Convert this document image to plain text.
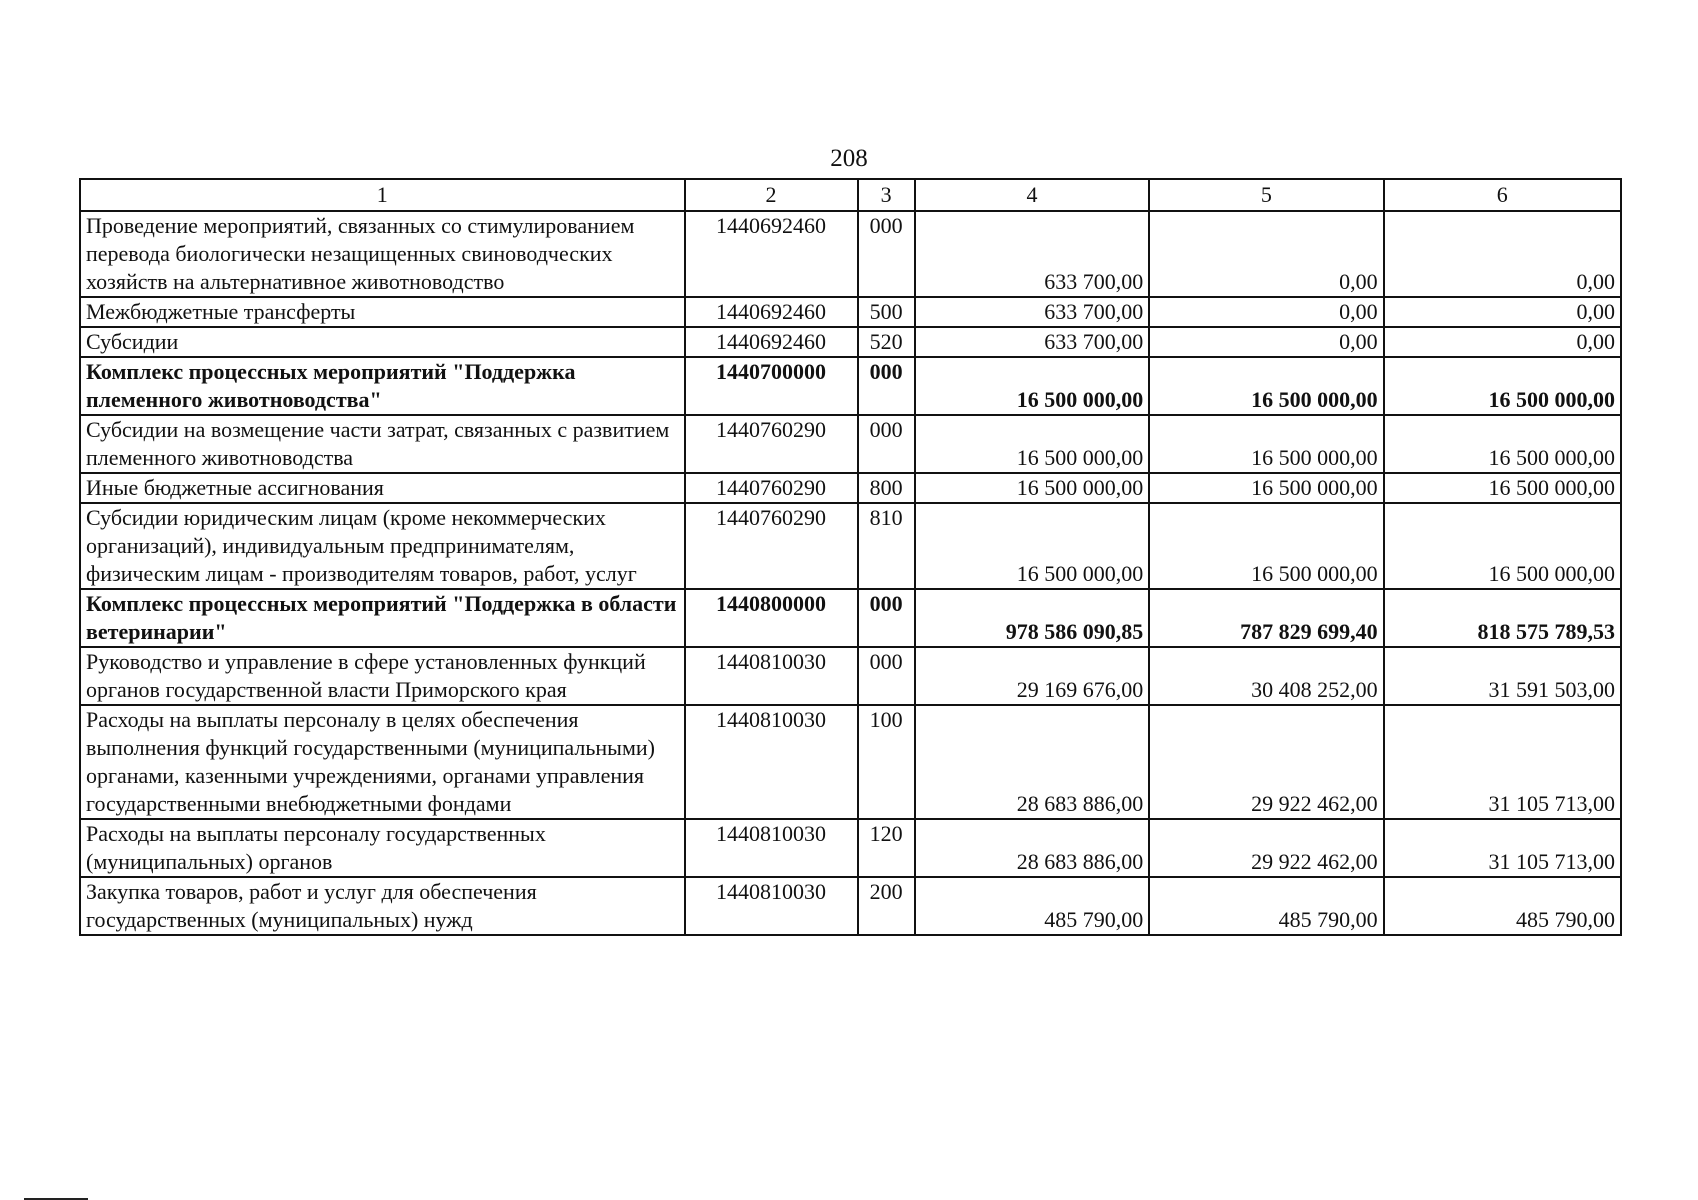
208
1	2	3	4	5	6
Проведение мероприятий, связанных со стимулированием перевода биологически незащищенных свиноводческих хозяйств на альтернативное животноводство	1440692460	000	633 700,00	0,00	0,00
Межбюджетные трансферты	1440692460	500	633 700,00	0,00	0,00
Субсидии	1440692460	520	633 700,00	0,00	0,00
Комплекс процессных мероприятий "Поддержка племенного животноводства"	1440700000	000	16 500 000,00	16 500 000,00	16 500 000,00
Субсидии на возмещение части затрат, связанных с развитием племенного животноводства	1440760290	000	16 500 000,00	16 500 000,00	16 500 000,00
Иные бюджетные ассигнования	1440760290	800	16 500 000,00	16 500 000,00	16 500 000,00
Субсидии юридическим лицам (кроме некоммерческих организаций), индивидуальным предпринимателям, физическим лицам - производителям товаров, работ, услуг	1440760290	810	16 500 000,00	16 500 000,00	16 500 000,00
Комплекс процессных мероприятий "Поддержка в области ветеринарии"	1440800000	000	978 586 090,85	787 829 699,40	818 575 789,53
Руководство и управление в сфере установленных функций органов государственной власти Приморского края	1440810030	000	29 169 676,00	30 408 252,00	31 591 503,00
Расходы на выплаты персоналу в целях обеспечения выполнения функций государственными (муниципальными) органами, казенными учреждениями, органами управления государственными внебюджетными фондами	1440810030	100	28 683 886,00	29 922 462,00	31 105 713,00
Расходы на выплаты персоналу государственных (муниципальных) органов	1440810030	120	28 683 886,00	29 922 462,00	31 105 713,00
Закупка товаров, работ и услуг для обеспечения государственных (муниципальных) нужд	1440810030	200	485 790,00	485 790,00	485 790,00
